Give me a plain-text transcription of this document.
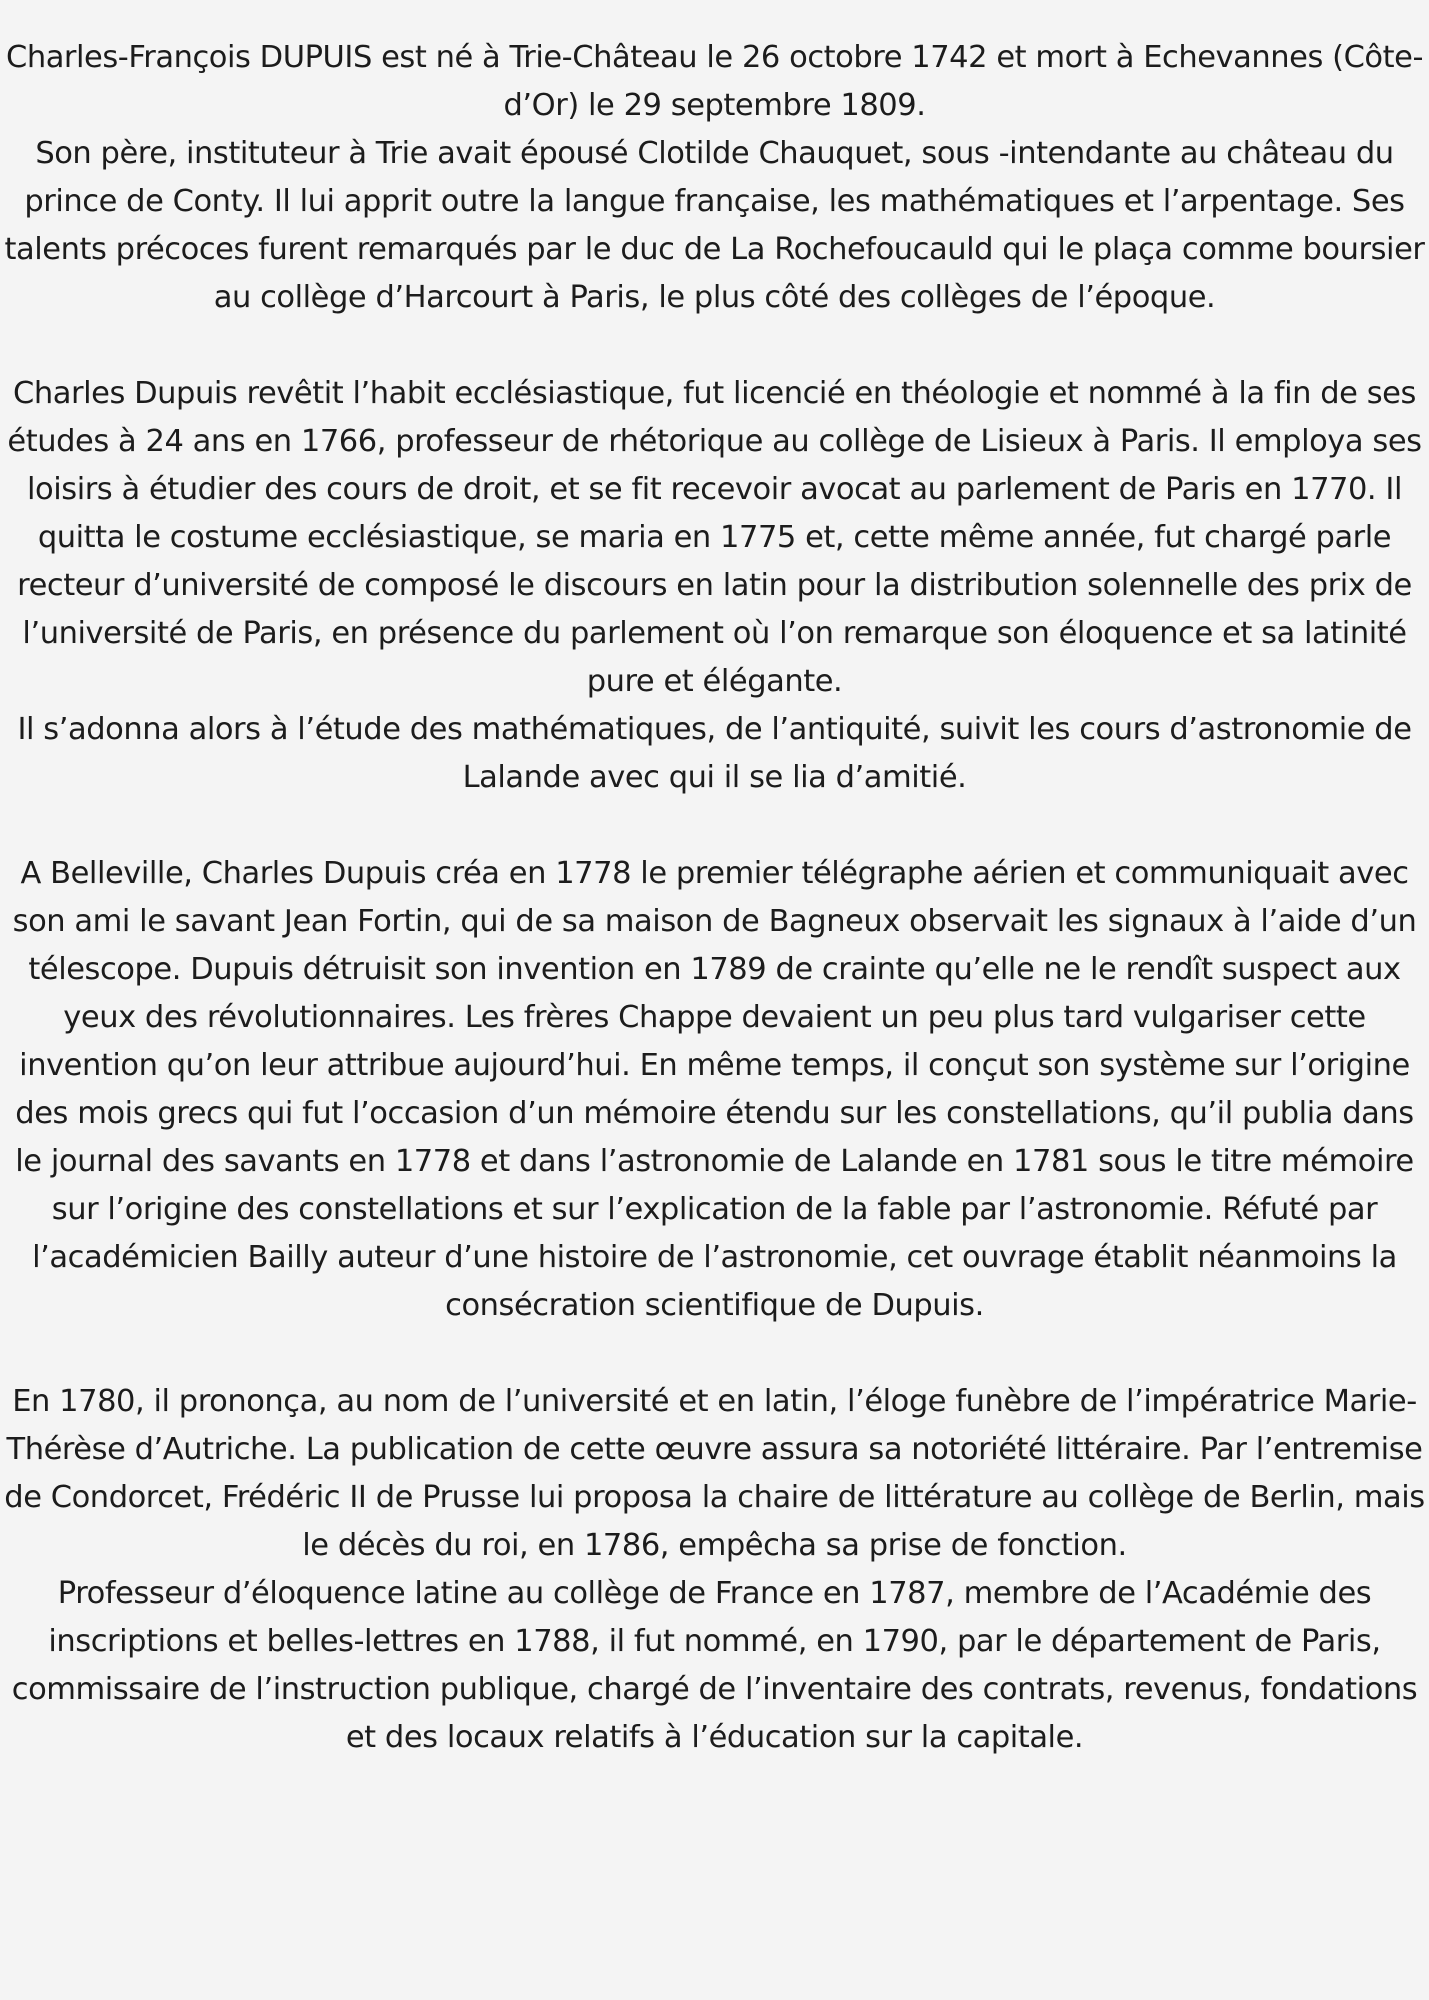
Charles-François DUPUIS est né à Trie-Château le 26 octobre 1742 et mort à Echevannes (Côte-d’Or) le 29 septembre 1809.

Son père, instituteur à Trie avait épousé Clotilde Chauquet, sous -intendante au château du prince de Conty. Il lui apprit outre la langue française, les mathématiques et l’arpentage. Ses talents précoces furent remarqués par le duc de La Rochefoucauld qui le plaça comme boursier au collège d’Harcourt à Paris, le plus côté des collèges de l’époque.

Charles Dupuis revêtit l’habit ecclésiastique, fut licencié en théologie et nommé à la fin de ses études à 24 ans en 1766, professeur de rhétorique au collège de Lisieux à Paris. Il employa ses loisirs à étudier des cours de droit, et se fit recevoir avocat au parlement de Paris en 1770. Il quitta le costume ecclésiastique, se maria en 1775 et, cette même année, fut chargé parle recteur d’université de composé le discours en latin pour la distribution solennelle des prix de l’université de Paris, en présence du parlement où l’on remarque son éloquence et sa latinité pure et élégante.

Il s’adonna alors à l’étude des mathématiques, de l’antiquité, suivit les cours d’astronomie de Lalande avec qui il se lia d’amitié.

A Belleville, Charles Dupuis créa en 1778 le premier télégraphe aérien et communiquait avec son ami le savant Jean Fortin, qui de sa maison de Bagneux observait les signaux à l’aide d’un télescope. Dupuis détruisit son invention en 1789 de crainte qu’elle ne le rendît suspect aux yeux des révolutionnaires. Les frères Chappe devaient un peu plus tard vulgariser cette invention qu’on leur attribue aujourd’hui. En même temps, il conçut son système sur l’origine des mois grecs qui fut l’occasion d’un mémoire étendu sur les constellations, qu’il publia dans le journal des savants en 1778 et dans l’astronomie de Lalande en 1781 sous le titre mémoire sur l’origine des constellations et sur l’explication de la fable par l’astronomie. Réfuté par l’académicien Bailly auteur d’une histoire de l’astronomie, cet ouvrage établit néanmoins la consécration scientifique de Dupuis.

En 1780, il prononça, au nom de l’université et en latin, l’éloge funèbre de l’impératrice Marie-Thérèse d’Autriche. La publication de cette œuvre assura sa notoriété littéraire. Par l’entremise de Condorcet, Frédéric II de Prusse lui proposa la chaire de littérature au collège de Berlin, mais le décès du roi, en 1786, empêcha sa prise de fonction.

Professeur d’éloquence latine au collège de France en 1787, membre de l’Académie des inscriptions et belles-lettres en 1788, il fut nommé, en 1790, par le département de Paris, commissaire de l’instruction publique, chargé de l’inventaire des contrats, revenus, fondations et des locaux relatifs à l’éducation sur la capitale.
